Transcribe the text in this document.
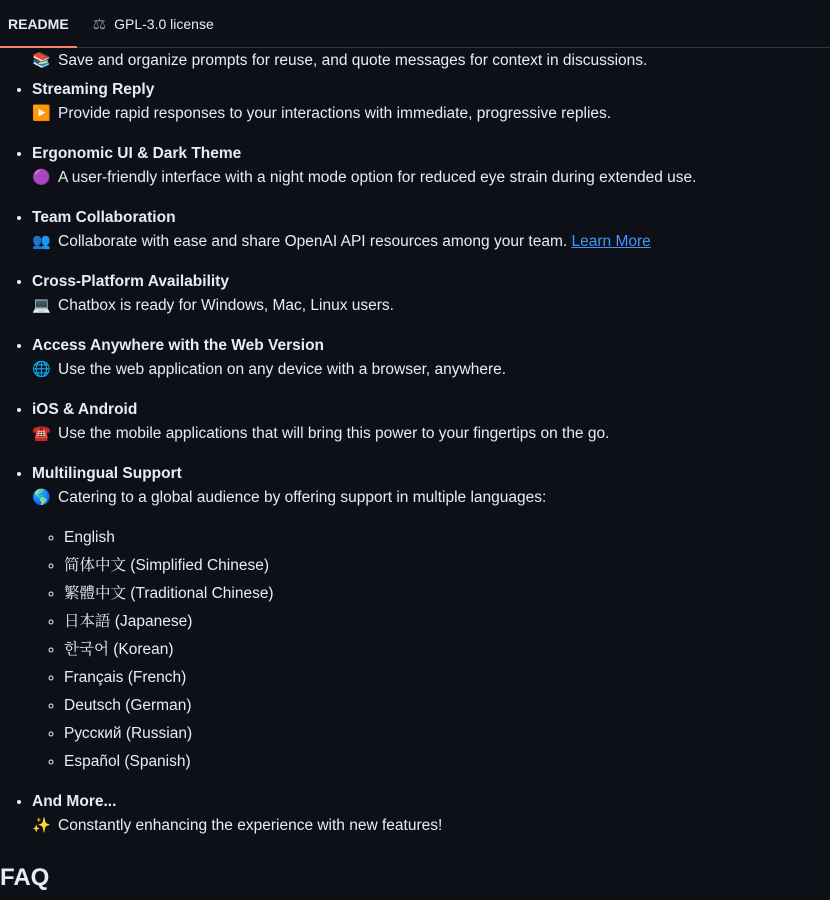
README ⚖ GPL-3.0 license
📚 Save and organize prompts for reuse, and quote messages for context in discussions.
• Streaming Reply
▶️ Provide rapid responses to your interactions with immediate, progressive replies.
• Ergonomic UI & Dark Theme
🟣 A user-friendly interface with a night mode option for reduced eye strain during extended use.
• Team Collaboration
👥 Collaborate with ease and share OpenAI API resources among your team. Learn More
• Cross-Platform Availability
💻 Chatbox is ready for Windows, Mac, Linux users.
• Access Anywhere with the Web Version
🌐 Use the web application on any device with a browser, anywhere.
• iOS & Android
☎️ Use the mobile applications that will bring this power to your fingertips on the go.
• Multilingual Support
🌎 Catering to a global audience by offering support in multiple languages:
◦ English
◦ 简体中文 (Simplified Chinese)
◦ 繁體中文 (Traditional Chinese)
◦ 日本語 (Japanese)
◦ 한국어 (Korean)
◦ Français (French)
◦ Deutsch (German)
◦ Русский (Russian)
◦ Español (Spanish)
• And More...
✨ Constantly enhancing the experience with new features!
FAQ
